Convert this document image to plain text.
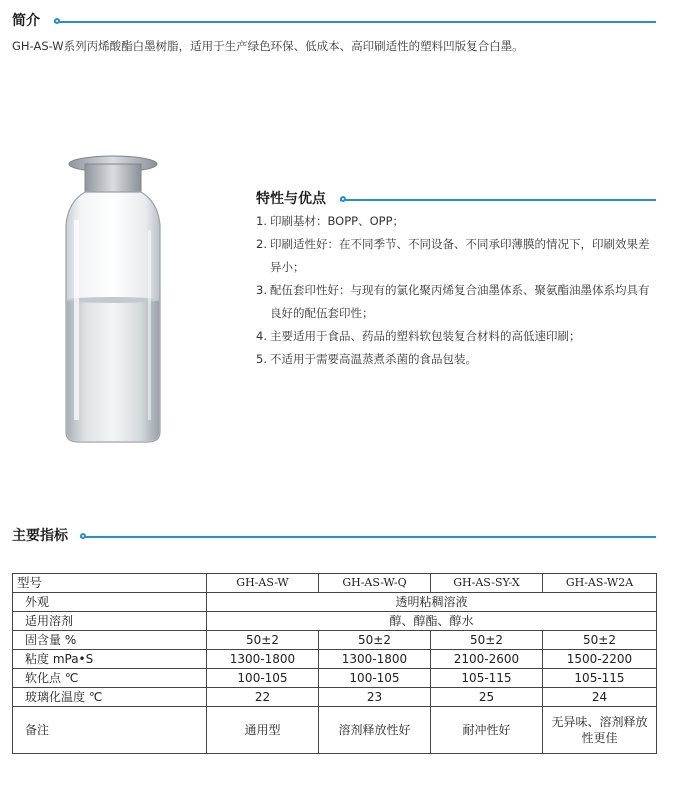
简介
GH-AS-W系列丙烯酸酯白墨树脂，适用于生产绿色环保、低成本、高印刷适性的塑料凹版复合白墨。
特性与优点
1. 印刷基材：BOPP、OPP；
2. 印刷适性好：在不同季节、不同设备、不同承印薄膜的情况下，印刷效果差异小；
3. 配伍套印性好：与现有的氯化聚丙烯复合油墨体系、聚氨酯油墨体系均具有良好的配伍套印性；
4. 主要适用于食品、药品的塑料软包装复合材料的高低速印刷；
5. 不适用于需要高温蒸煮杀菌的食品包装。
主要指标
型号	GH-AS-W	GH-AS-W-Q	GH-AS-SY-X	GH-AS-W2A
外观	透明粘稠溶液			
适用溶剂	醇、醇酯、醇水			
固含量 %	50±2	50±2	50±2	50±2
粘度 mPa•S	1300-1800	1300-1800	2100-2600	1500-2200
软化点 ℃	100-105	100-105	105-115	105-115
玻璃化温度 ℃	22	23	25	24
备注	通用型	溶剂释放性好	耐冲性好	无异味、溶剂释放性更佳
